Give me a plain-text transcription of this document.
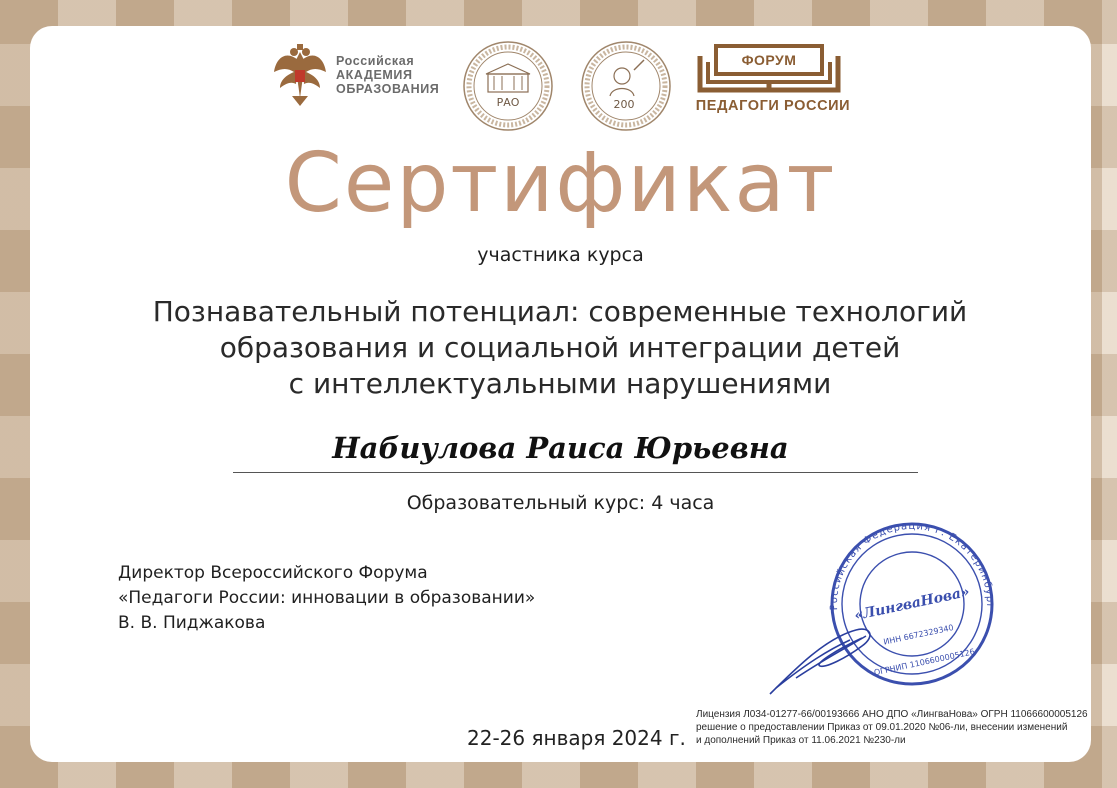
Российская
АКАДЕМИЯ
ОБРАЗОВАНИЯ
РАО	200
ФОРУМ
ПЕДАГОГИ РОССИИ
Сертификат
участника курса
Познавательный потенциал: современные технологий
образования и социальной интеграции детей
с интеллектуальными нарушениями
Набиулова Раиса Юрьевна
Образовательный курс: 4 часа
Директор Всероссийского Форума
«Педагоги России: инновации в образовании»
В. В. Пиджакова
Российская Федерация г. Екатеринбург
«ЛингваНова»
ИНН 6672329340
ОГРНИП 1106600005126
22-26 января 2024 г.
Лицензия Л034-01277-66/00193666 АНО ДПО «ЛингваНова» ОГРН 11066600005126
решение о предоставлении Приказ от 09.01.2020 №06-ли, внесении изменений
и дополнений Приказ от 11.06.2021 №230-ли
